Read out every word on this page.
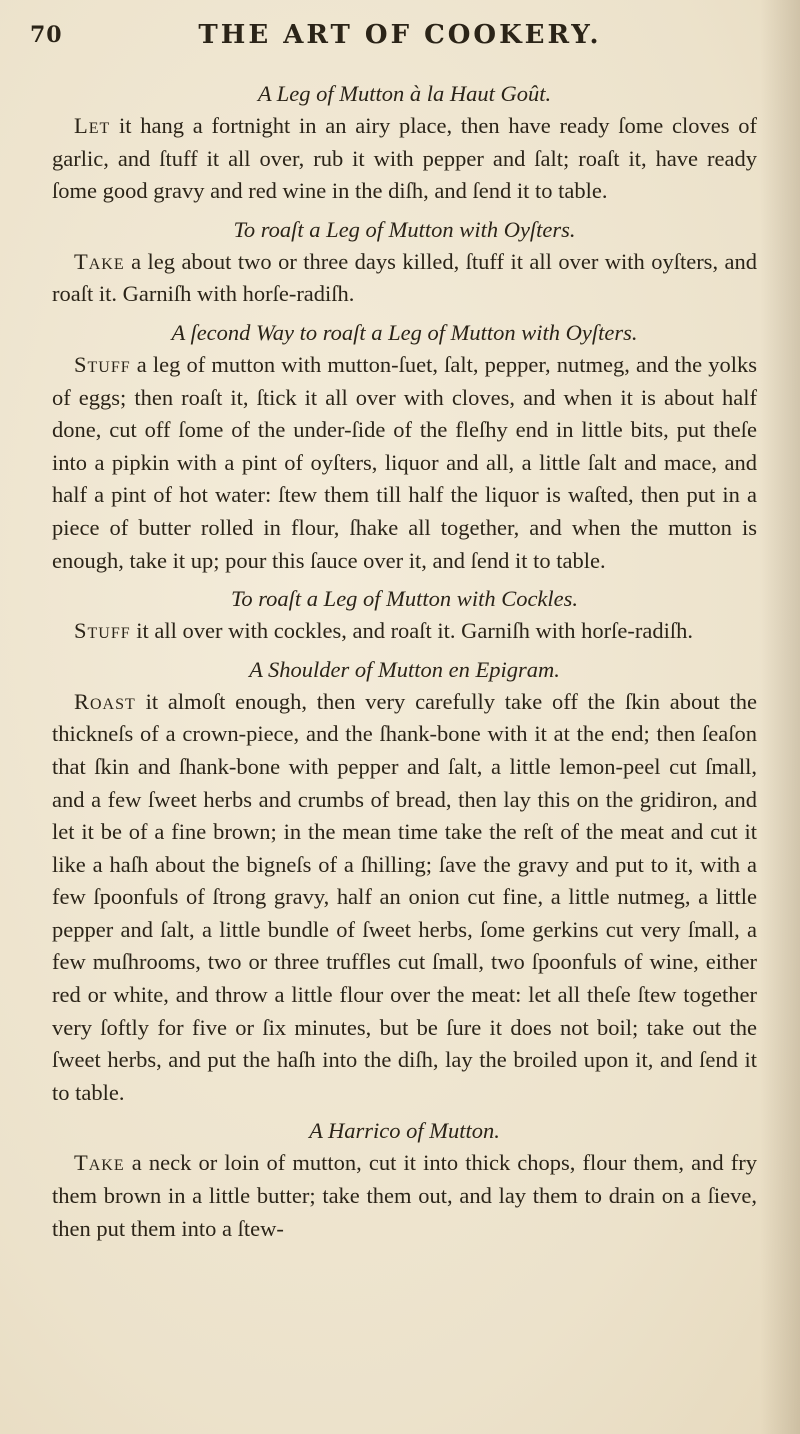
70	THE ART OF COOKERY.

A Leg of Mutton à la Haut Goût.

Let it hang a fortnight in an airy place, then have ready ſome cloves of garlic, and ſtuff it all over, rub it with pepper and ſalt; roaſt it, have ready ſome good gravy and red wine in the diſh, and ſend it to table.

To roaſt a Leg of Mutton with Oyſters.

Take a leg about two or three days killed, ſtuff it all over with oyſters, and roaſt it. Garniſh with horſe-radiſh.

A ſecond Way to roaſt a Leg of Mutton with Oyſters.

Stuff a leg of mutton with mutton-ſuet, ſalt, pepper, nutmeg, and the yolks of eggs; then roaſt it, ſtick it all over with cloves, and when it is about half done, cut off ſome of the under-ſide of the fleſhy end in little bits, put theſe into a pipkin with a pint of oyſters, liquor and all, a little ſalt and mace, and half a pint of hot water: ſtew them till half the liquor is waſted, then put in a piece of butter rolled in flour, ſhake all together, and when the mutton is enough, take it up; pour this ſauce over it, and ſend it to table.

To roaſt a Leg of Mutton with Cockles.

Stuff it all over with cockles, and roaſt it. Garniſh with horſe-radiſh.

A Shoulder of Mutton en Epigram.

Roast it almoſt enough, then very carefully take off the ſkin about the thickneſs of a crown-piece, and the ſhank-bone with it at the end; then ſeaſon that ſkin and ſhank-bone with pepper and ſalt, a little lemon-peel cut ſmall, and a few ſweet herbs and crumbs of bread, then lay this on the gridiron, and let it be of a fine brown; in the mean time take the reſt of the meat and cut it like a haſh about the bigneſs of a ſhilling; ſave the gravy and put to it, with a few ſpoonfuls of ſtrong gravy, half an onion cut fine, a little nutmeg, a little pepper and ſalt, a little bundle of ſweet herbs, ſome gerkins cut very ſmall, a few muſhrooms, two or three truffles cut ſmall, two ſpoonfuls of wine, either red or white, and throw a little flour over the meat: let all theſe ſtew together very ſoftly for five or ſix minutes, but be ſure it does not boil; take out the ſweet herbs, and put the haſh into the diſh, lay the broiled upon it, and ſend it to table.

A Harrico of Mutton.

Take a neck or loin of mutton, cut it into thick chops, flour them, and fry them brown in a little butter; take them out, and lay them to drain on a ſieve, then put them into a ſtew-
